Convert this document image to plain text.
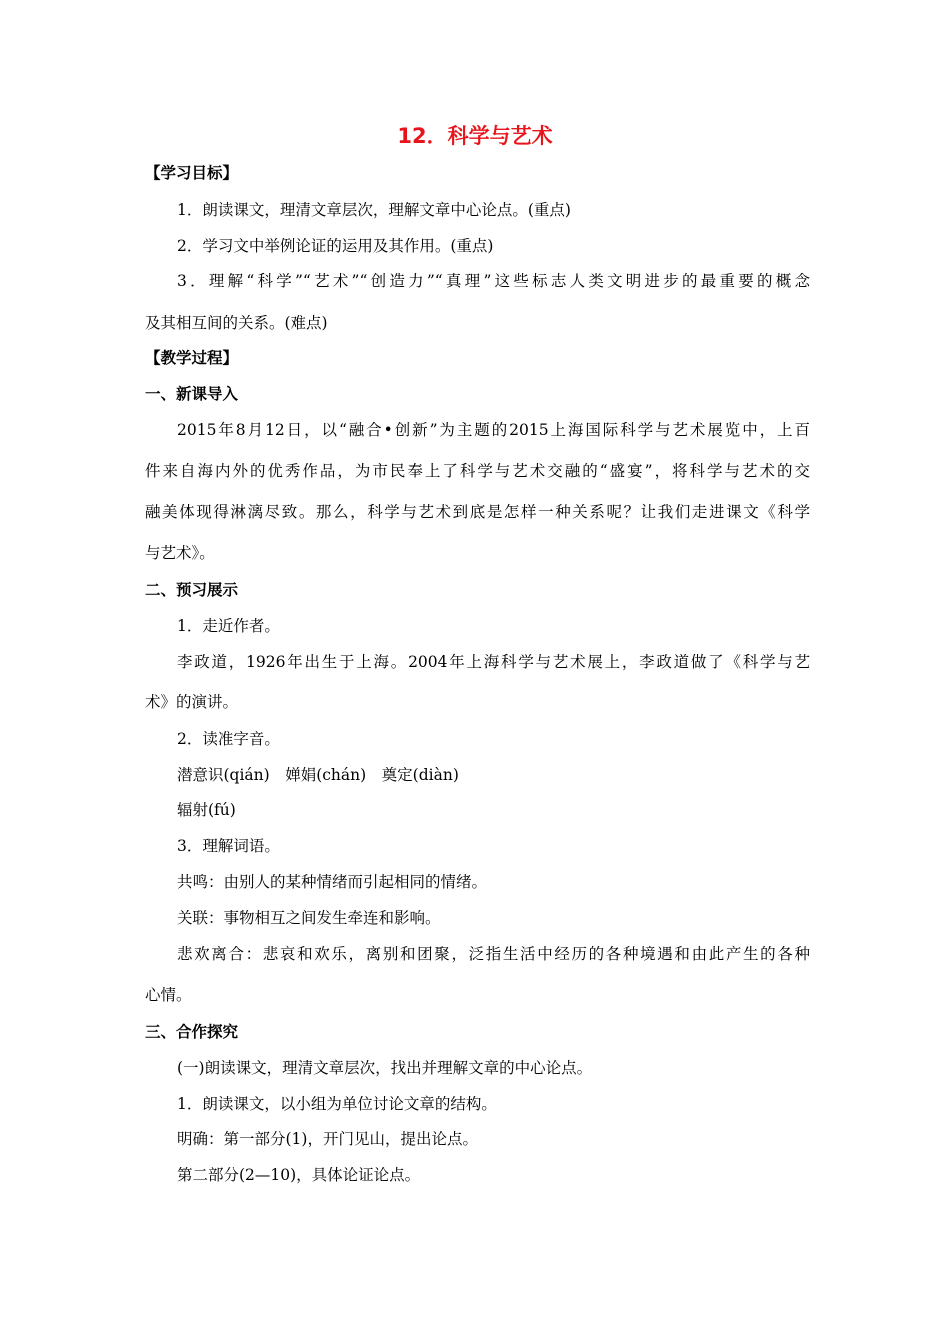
12．科学与艺术
【学习目标】
1．朗读课文，理清文章层次，理解文章中心论点。(重点)
2．学习文中举例论证的运用及其作用。(重点)
3．理解“科学”“艺术”“创造力”“真理”这些标志人类文明进步的最重要的概念
及其相互间的关系。(难点)
【教学过程】
一、新课导入
2015年8月12日，以“融合•创新”为主题的2015上海国际科学与艺术展览中，上百
件来自海内外的优秀作品，为市民奉上了科学与艺术交融的“盛宴”，将科学与艺术的交
融美体现得淋漓尽致。那么，科学与艺术到底是怎样一种关系呢？让我们走进课文《科学
与艺术》。
二、预习展示
1．走近作者。
李政道，1926年出生于上海。2004年上海科学与艺术展上，李政道做了《科学与艺
术》的演讲。
2．读准字音。
潜意识(qián)　婵娟(chán)　奠定(diàn)
辐射(fú)
3．理解词语。
共鸣：由别人的某种情绪而引起相同的情绪。
关联：事物相互之间发生牵连和影响。
悲欢离合：悲哀和欢乐，离别和团聚，泛指生活中经历的各种境遇和由此产生的各种
心情。
三、合作探究
(一)朗读课文，理清文章层次，找出并理解文章的中心论点。
1．朗读课文，以小组为单位讨论文章的结构。
明确：第一部分(1)，开门见山，提出论点。
第二部分(2—10)，具体论证论点。
